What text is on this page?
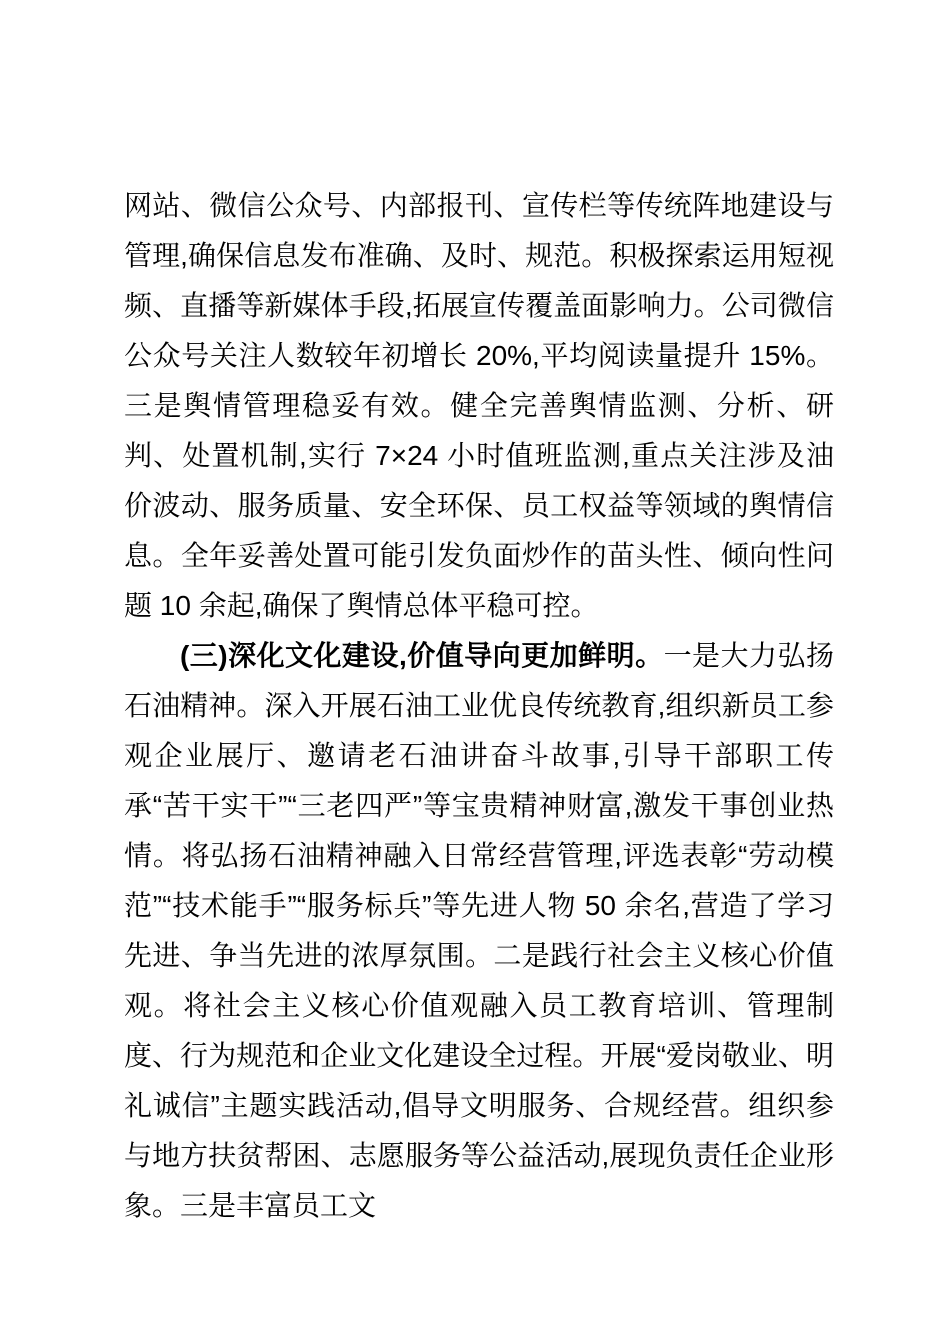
网站、微信公众号、内部报刊、宣传栏等传统阵地建设与管理,确保信息发布准确、及时、规范。积极探索运用短视频、直播等新媒体手段,拓展宣传覆盖面影响力。公司微信公众号关注人数较年初增长 20%,平均阅读量提升 15%。三是舆情管理稳妥有效。健全完善舆情监测、分析、研判、处置机制,实行 7×24 小时值班监测,重点关注涉及油价波动、服务质量、安全环保、员工权益等领域的舆情信息。全年妥善处置可能引发负面炒作的苗头性、倾向性问题 10 余起,确保了舆情总体平稳可控。

(三)深化文化建设,价值导向更加鲜明。一是大力弘扬石油精神。深入开展石油工业优良传统教育,组织新员工参观企业展厅、邀请老石油讲奋斗故事,引导干部职工传承“苦干实干”“三老四严”等宝贵精神财富,激发干事创业热情。将弘扬石油精神融入日常经营管理,评选表彰“劳动模范”“技术能手”“服务标兵”等先进人物 50 余名,营造了学习先进、争当先进的浓厚氛围。二是践行社会主义核心价值观。将社会主义核心价值观融入员工教育培训、管理制度、行为规范和企业文化建设全过程。开展“爱岗敬业、明礼诚信”主题实践活动,倡导文明服务、合规经营。组织参与地方扶贫帮困、志愿服务等公益活动,展现负责任企业形象。三是丰富员工文
